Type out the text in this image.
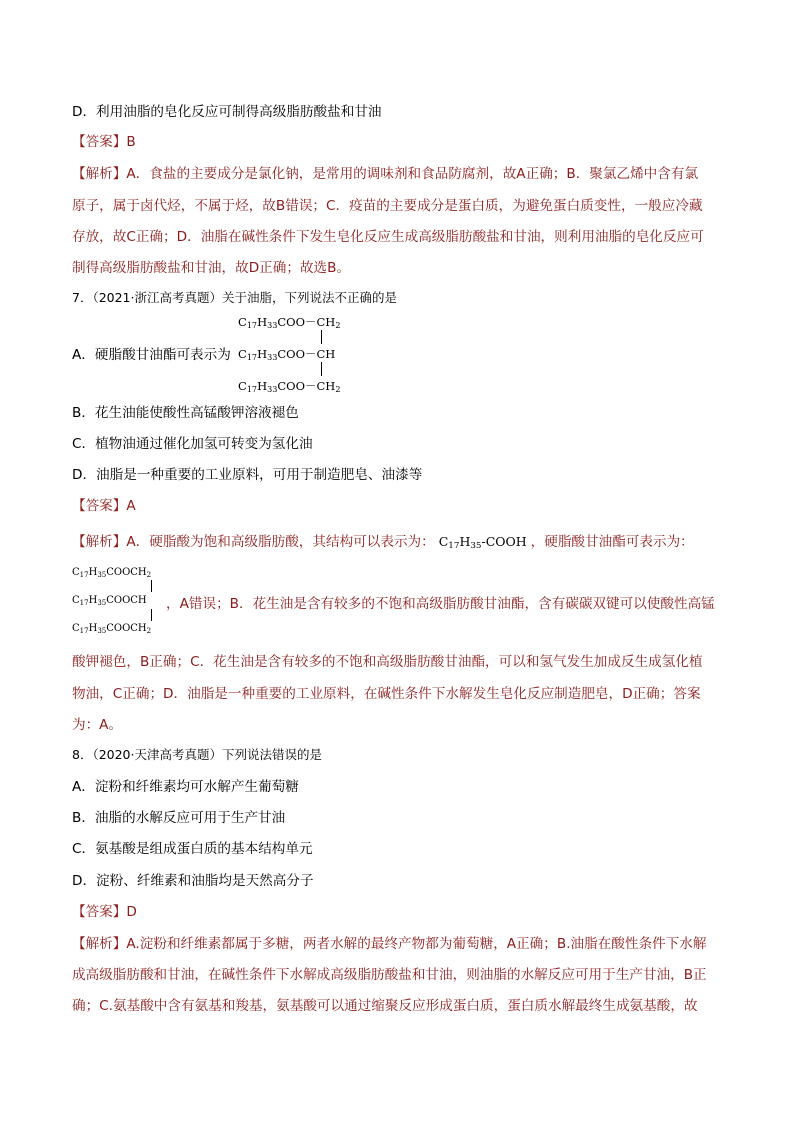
D．利用油脂的皂化反应可制得高级脂肪酸盐和甘油
【答案】B
【解析】A．食盐的主要成分是氯化钠，是常用的调味剂和食品防腐剂，故A正确；B．聚氯乙烯中含有氯
原子，属于卤代烃，不属于烃，故B错误；C．疫苗的主要成分是蛋白质，为避免蛋白质变性，一般应冷藏
存放，故C正确；D．油脂在碱性条件下发生皂化反应生成高级脂肪酸盐和甘油，则利用油脂的皂化反应可
制得高级脂肪酸盐和甘油，故D正确；故选B。
7．（2021·浙江高考真题）关于油脂，下列说法不正确的是
$C_{17}H_{33}COO-CH_2$
$C_{17}H_{33}COO-CH$
$C_{17}H_{33}COO-CH_2$
A．硬脂酸甘油酯可表示为
B．花生油能使酸性高锰酸钾溶液褪色
C．植物油通过催化加氢可转变为氢化油
D．油脂是一种重要的工业原料，可用于制造肥皂、油漆等
【答案】A
【解析】A．硬脂酸为饱和高级脂肪酸，其结构可以表示为： $C_{17}H_{35}$-COOH ，硬脂酸甘油酯可表示为：
$C_{17}H_{35}COOCH_2$
$C_{17}H_{35}COOCH$
$C_{17}H_{35}COOCH_2$
，A错误；B．花生油是含有较多的不饱和高级脂肪酸甘油酯，含有碳碳双键可以使酸性高锰
酸钾褪色，B正确；C．花生油是含有较多的不饱和高级脂肪酸甘油酯，可以和氢气发生加成反生成氢化植
物油，C正确；D．油脂是一种重要的工业原料，在碱性条件下水解发生皂化反应制造肥皂，D正确；答案
为：A。
8．（2020·天津高考真题）下列说法错误的是
A．淀粉和纤维素均可水解产生葡萄糖
B．油脂的水解反应可用于生产甘油
C．氨基酸是组成蛋白质的基本结构单元
D．淀粉、纤维素和油脂均是天然高分子
【答案】D
【解析】A.淀粉和纤维素都属于多糖，两者水解的最终产物都为葡萄糖，A正确；B.油脂在酸性条件下水解
成高级脂肪酸和甘油，在碱性条件下水解成高级脂肪酸盐和甘油，则油脂的水解反应可用于生产甘油，B正
确；C.氨基酸中含有氨基和羧基，氨基酸可以通过缩聚反应形成蛋白质，蛋白质水解最终生成氨基酸，故
